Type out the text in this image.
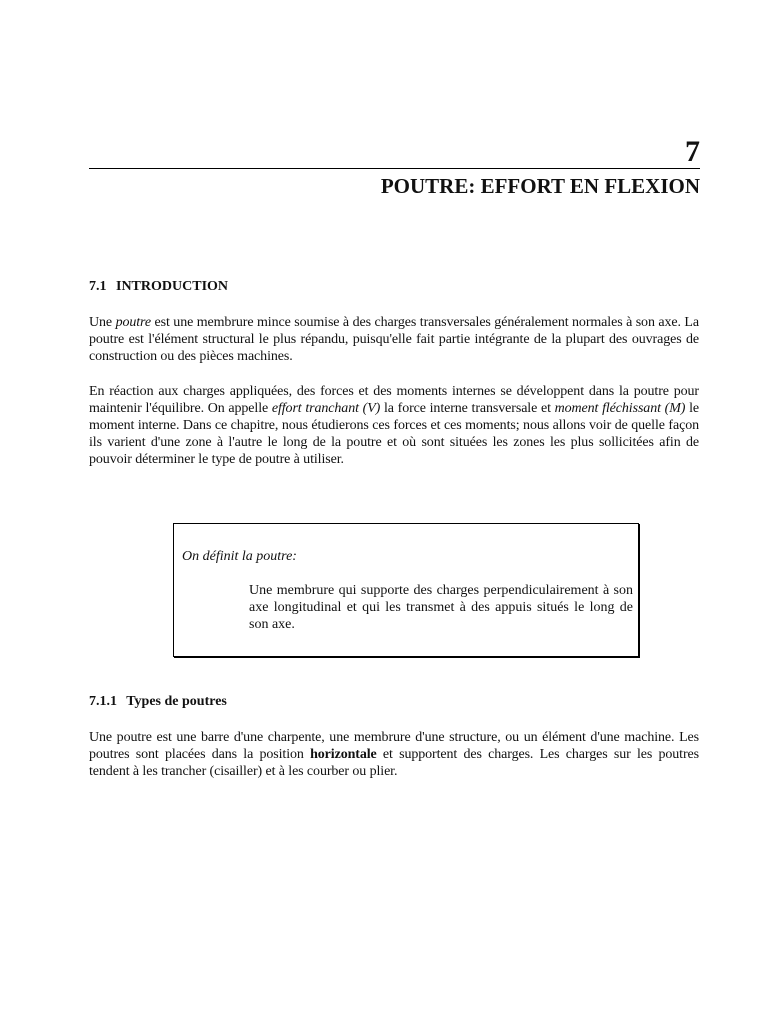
7
POUTRE: EFFORT EN FLEXION
7.1 INTRODUCTION

Une poutre est une membrure mince soumise à des charges transversales généralement normales à son axe. La poutre est l'élément structural le plus répandu, puisqu'elle fait partie intégrante de la plupart des ouvrages de construction ou des pièces machines.

En réaction aux charges appliquées, des forces et des moments internes se développent dans la poutre pour maintenir l'équilibre. On appelle effort tranchant (V) la force interne transversale et moment fléchissant (M) le moment interne. Dans ce chapitre, nous étudierons ces forces et ces moments; nous allons voir de quelle façon ils varient d'une zone à l'autre le long de la poutre et où sont situées les zones les plus sollicitées afin de pouvoir déterminer le type de poutre à utiliser.

On définit la poutre:

Une membrure qui supporte des charges perpendiculairement à son axe longitudinal et qui les transmet à des appuis situés le long de son axe.

7.1.1 Types de poutres

Une poutre est une barre d'une charpente, une membrure d'une structure, ou un élément d'une machine. Les poutres sont placées dans la position horizontale et supportent des charges. Les charges sur les poutres tendent à les trancher (cisailler) et à les courber ou plier.
